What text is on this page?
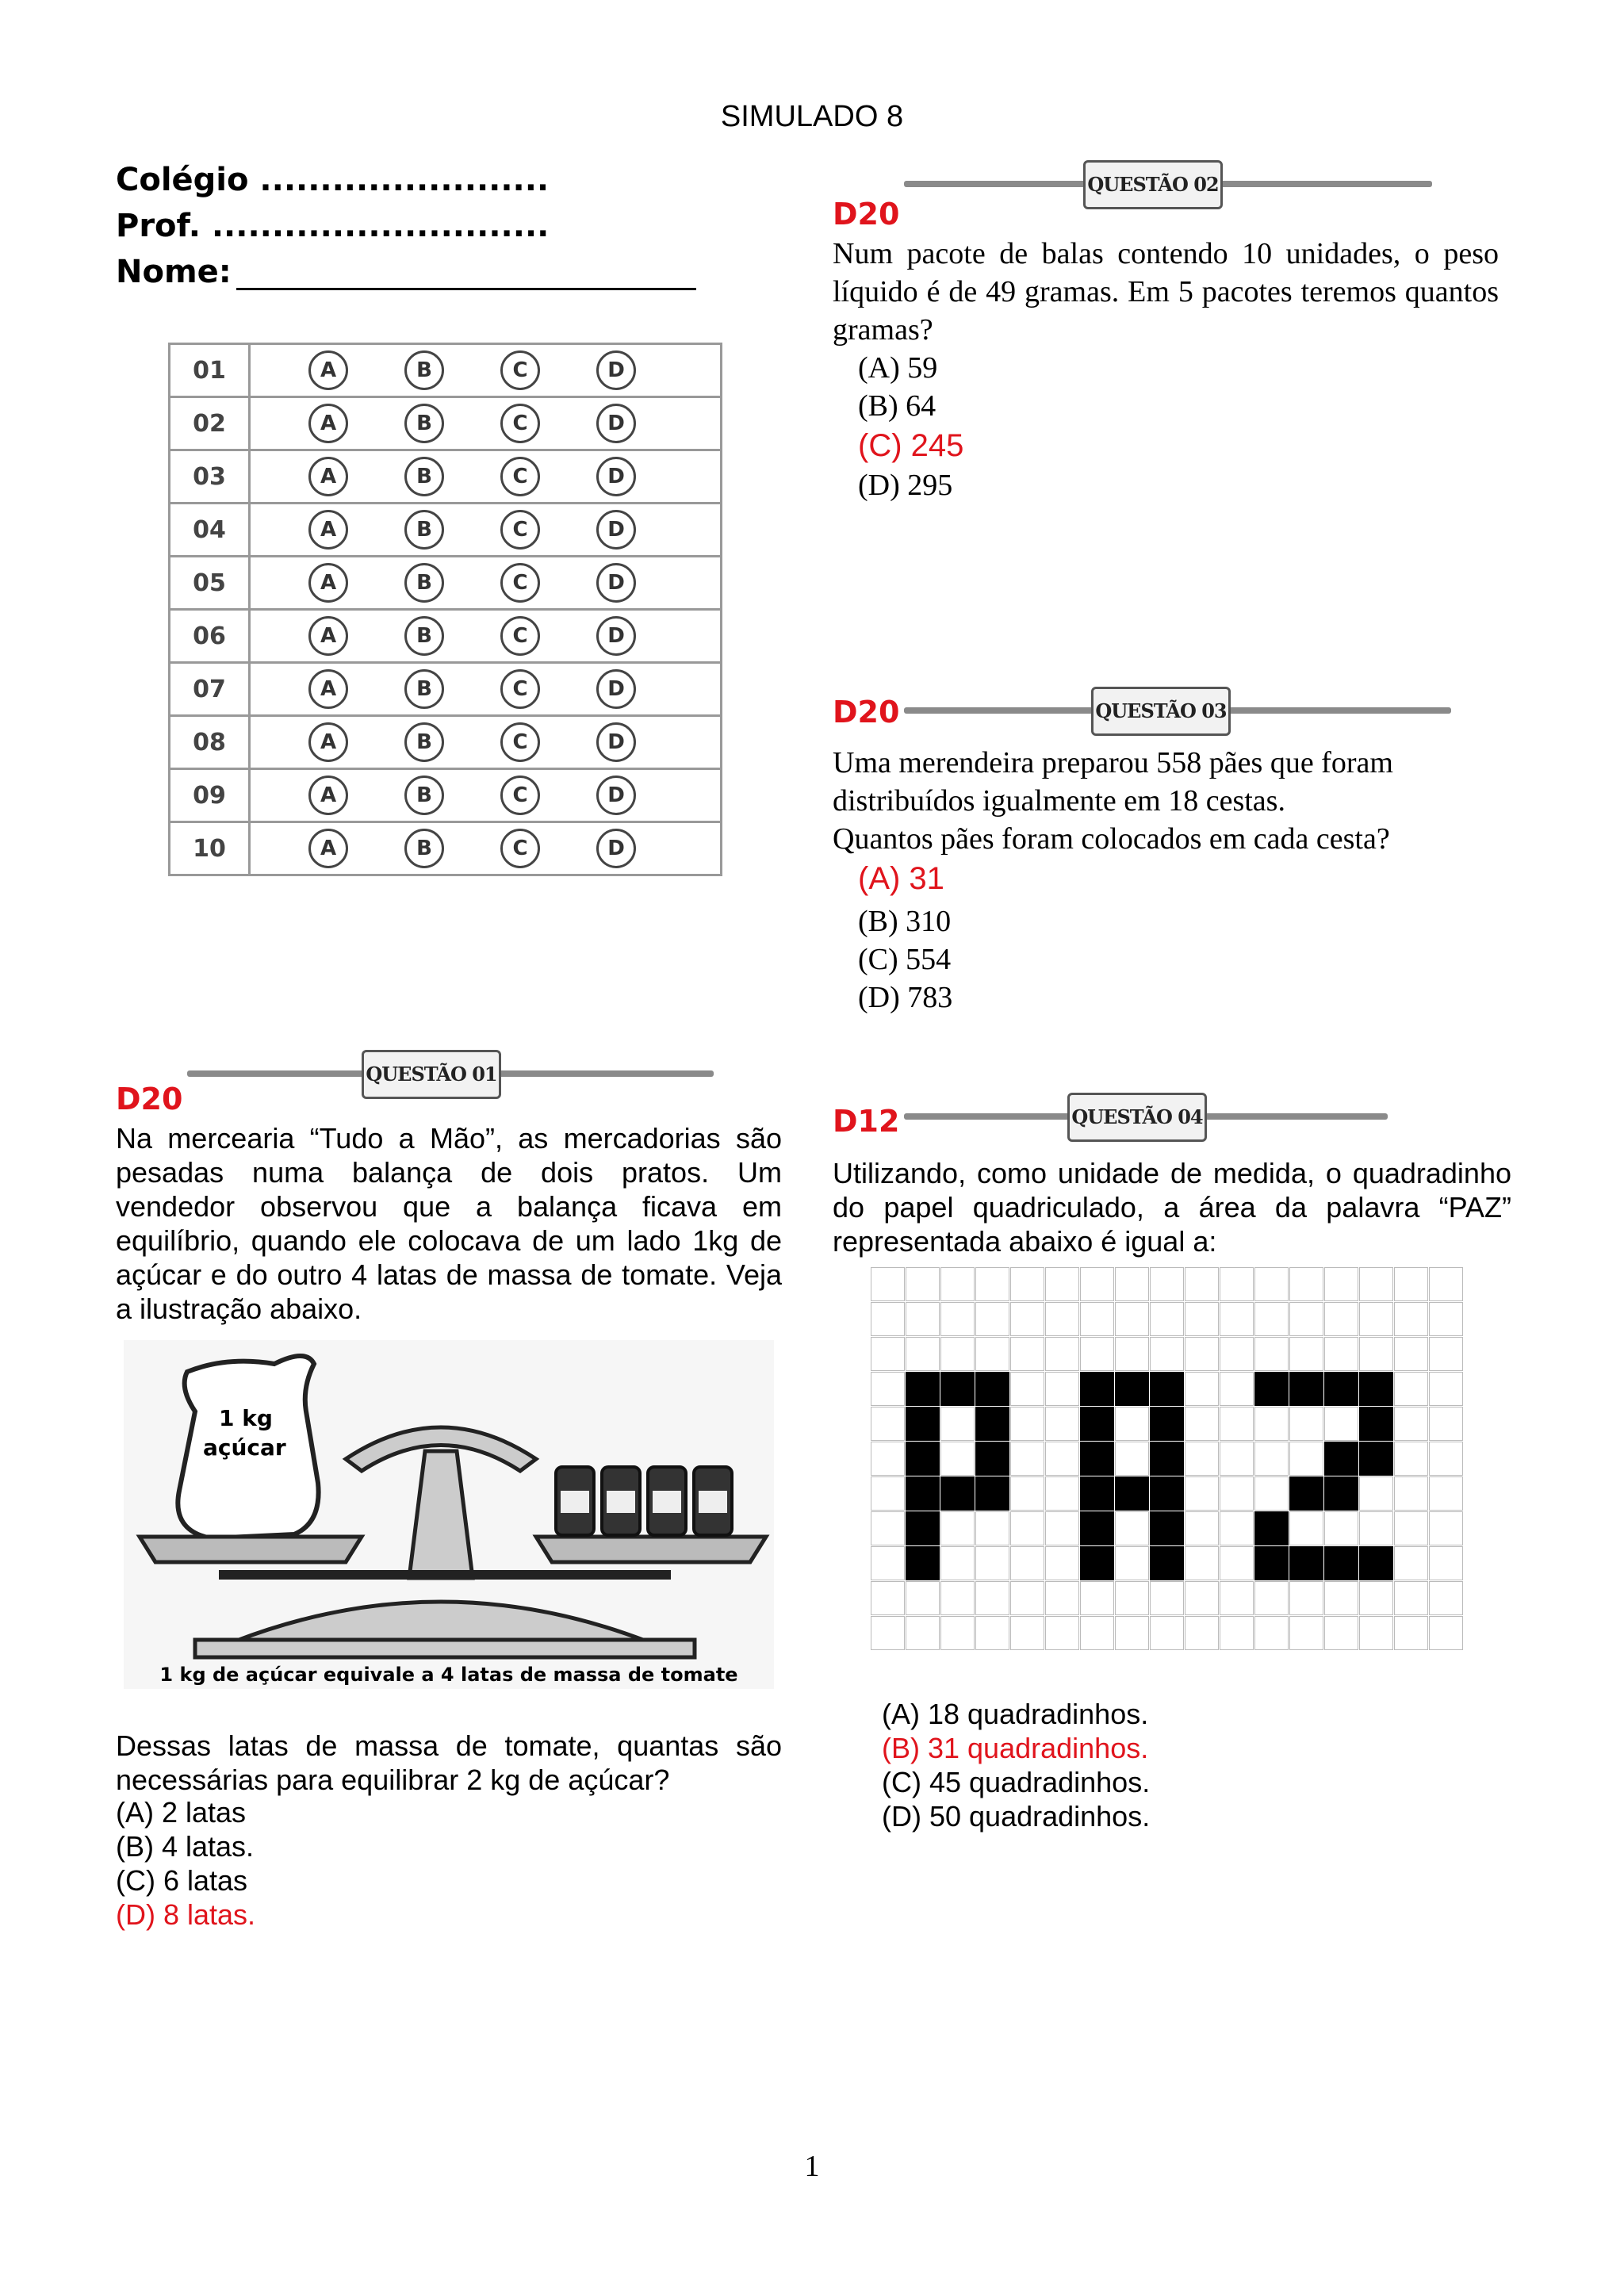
SIMULADO 8
Colégio ........................
Prof. ............................
Nome:
01	A B C D
02	A B C D
03	A B C D
04	A B C D
05	A B C D
06	A B C D
07	A B C D
08	A B C D
09	A B C D
10	A B C D
QUESTÃO 01
D20
Na mercearia “Tudo a Mão”, as mercadorias são pesadas numa balança de dois pratos. Um vendedor observou que a balança ficava em equilíbrio, quando ele colocava de um lado 1kg de açúcar e do outro 4 latas de massa de tomate. Veja a ilustração abaixo.
1 kg
açúcar
1 kg de açúcar equivale a 4 latas de massa de tomate
Dessas latas de massa de tomate, quantas são necessárias para equilibrar 2 kg de açúcar?
(A) 2 latas
(B) 4 latas.
(C) 6 latas
(D) 8 latas.
QUESTÃO 02
D20
Num pacote de balas contendo 10 unidades, o peso líquido é de 49 gramas. Em 5 pacotes teremos quantos gramas?
(A) 59
(B) 64
(C) 245
(D) 295
QUESTÃO 03
D20
Uma merendeira preparou 558 pães que foram
distribuídos igualmente em 18 cestas.
Quantos pães foram colocados em cada cesta?
(A) 31
(B) 310
(C) 554
(D) 783
QUESTÃO 04
D12
Utilizando, como unidade de medida, o quadradinho do papel quadriculado, a área da palavra “PAZ” representada abaixo é igual a:
(A) 18 quadradinhos.
(B) 31 quadradinhos.
(C) 45 quadradinhos.
(D) 50 quadradinhos.
1
